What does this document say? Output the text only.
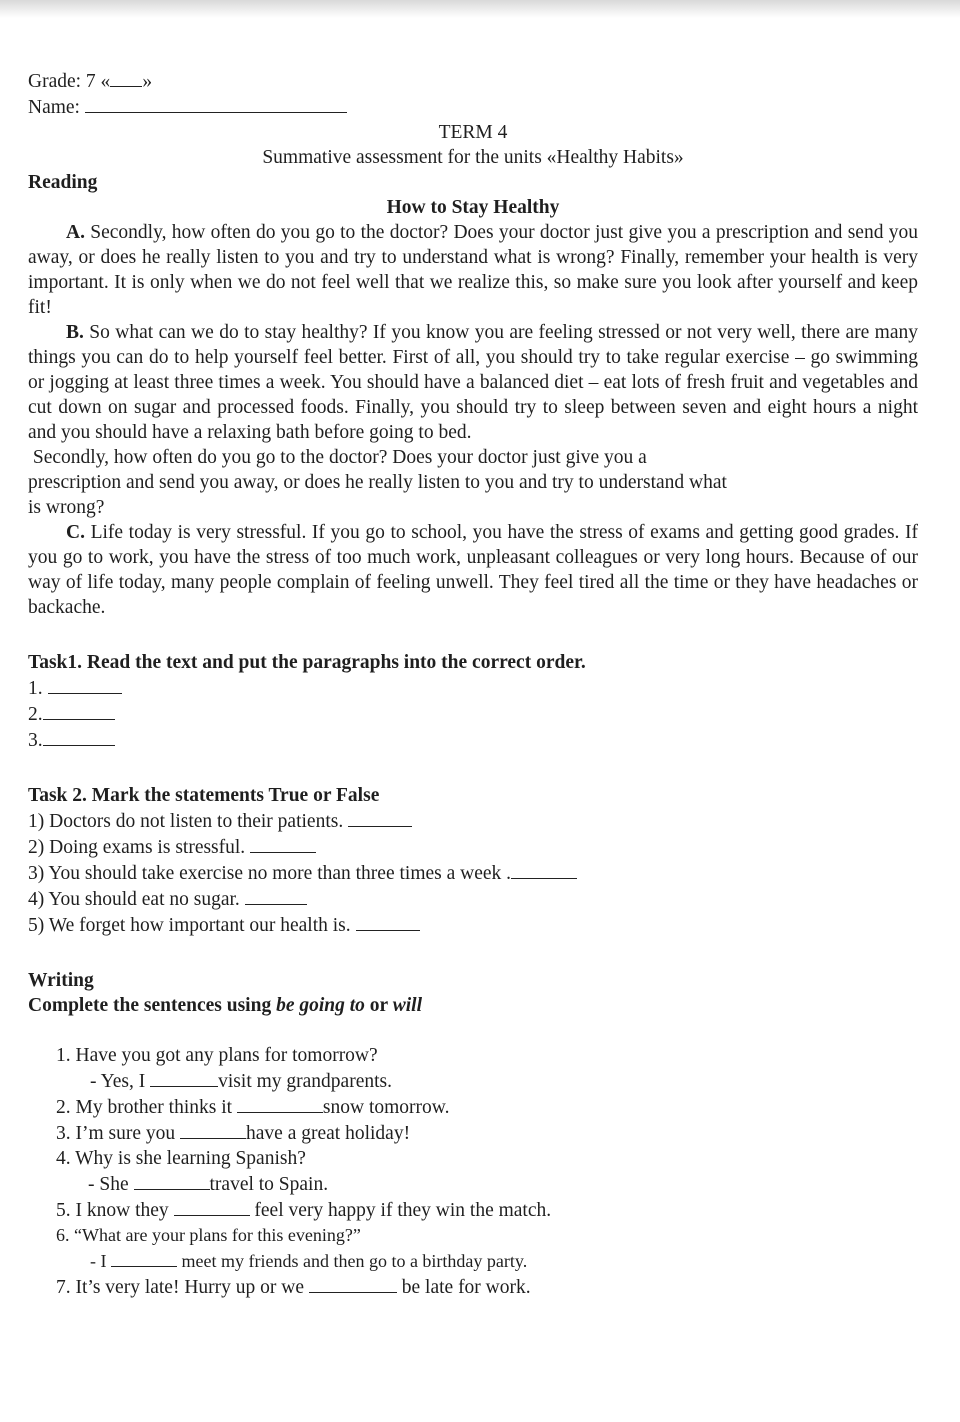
Grade: 7 « »
Name:
TERM 4
Summative assessment for the units «Healthy Habits»
Reading
How to Stay Healthy
A. Secondly, how often do you go to the doctor? Does your doctor just give you a prescription and send you away, or does he really listen to you and try to understand what is wrong? Finally, remember your health is very important. It is only when we do not feel well that we realize this, so make sure you look after yourself and keep fit!
B. So what can we do to stay healthy? If you know you are feeling stressed or not very well, there are many things you can do to help yourself feel better. First of all, you should try to take regular exercise – go swimming or jogging at least three times a week. You should have a balanced diet – eat lots of fresh fruit and vegetables and cut down on sugar and processed foods. Finally, you should try to sleep between seven and eight hours a night and you should have a relaxing bath before going to bed.
Secondly, how often do you go to the doctor? Does your doctor just give you a
prescription and send you away, or does he really listen to you and try to understand what
is wrong?
C. Life today is very stressful. If you go to school, you have the stress of exams and getting good grades. If you go to work, you have the stress of too much work, unpleasant colleagues or very long hours. Because of our way of life today, many people complain of feeling unwell. They feel tired all the time or they have headaches or backache.
Task1. Read the text and put the paragraphs into the correct order.
1.
2.
3.
Task 2. Mark the statements True or False
1) Doctors do not listen to their patients.
2) Doing exams is stressful.
3) You should take exercise no more than three times a week .
4) You should eat no sugar.
5) We forget how important our health is.
Writing
Complete the sentences using be going to or will
1. Have you got any plans for tomorrow?
- Yes, I	visit my grandparents.
2. My brother thinks it	snow tomorrow.
3. I’m sure you	have a great holiday!
4. Why is she learning Spanish?
- She	travel to Spain.
5. I know they	feel very happy if they win the match.
6. “What are your plans for this evening?”
- I	meet my friends and then go to a birthday party.
7. It’s very late! Hurry up or we	be late for work.
